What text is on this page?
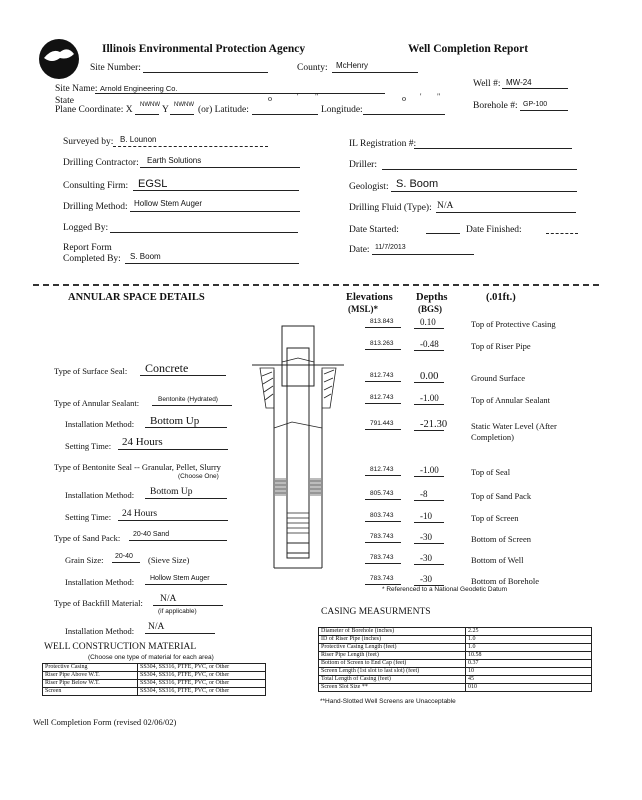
Illinois Environmental Protection Agency	Well Completion Report
Site Number:	County: McHenry
Well #: MW-24
Site Name: Arnold Engineering Co.
State	o	' "	o ' "
Plane Coordinate: X NWNW Y NWNW (or) Latitude:	Longitude:	Borehole #: GP-100
Surveyed by: B. Lounon	IL Registration #:
Drilling Contractor: Earth Solutions	Driller:
Consulting Firm: EGSL	Geologist: S. Boom
Drilling Method: Hollow Stem Auger	Drilling Fluid (Type): N/A
Logged By:	Date Started:	Date Finished:
Report Form
Completed By: S. Boom
Date: 11/7/2013
ANNULAR SPACE DETAILS	Elevations
(MSL)*
Depths
(BGS)
(.01ft.)
813.843	0.10	Top of Protective Casing
813.263	-0.48	Top of Riser Pipe
812.743	0.00	Ground Surface
812.743	-1.00	Top of Annular Sealant
791.443	-21.30	Static Water Level (After Completion)
812.743	-1.00	Top of Seal
805.743	-8	Top of Sand Pack
803.743	-10	Top of Screen
783.743	-30	Bottom of Screen
783.743	-30	Bottom of Well
783.743	-30	Bottom of Borehole
* Referenced to a National Geodetic Datum
Type of Surface Seal: Concrete
Type of Annular Sealant:	Bentonite (Hydrated)
Installation Method: Bottom Up
Setting Time: 24 Hours
Type of Bentonite Seal -- Granular, Pellet, Slurry
(Choose One)
Installation Method: Bottom Up
Setting Time: 24 Hours
Type of Sand Pack: 20-40 Sand
Grain Size: 20-40 (Sieve Size)
Installation Method: Hollow Stem Auger
Type of Backfill Material: N/A
(if applicable)
Installation Method: N/A
CASING MEASURMENTS
Diameter of Borehole (inches)	2.25
ID of Riser Pipe (inches)	1.0
Protective Casing Length (feet)	1.0
Riser Pipe Length (feet)	10.58
Bottom of Screen to End Cap (feet)	0.37
Screen Length (1st slot to last slot) (feet)	10
Total Length of Casing (feet)	45
Screen Slot Size **	010
**Hand-Slotted Well Screens are Unacceptable
WELL CONSTRUCTION MATERIAL
(Choose one type of material for each area)
Protective Casing	SS304, SS316, PTFE, PVC, or Other
Riser Pipe Above W.T.	SS304, SS316, PTFE, PVC, or Other
Riser Pipe Below W.T.	SS304, SS316, PTFE, PVC, or Other
Screen	SS304, SS316, PTFE, PVC, or Other
Well Completion Form (revised 02/06/02)
